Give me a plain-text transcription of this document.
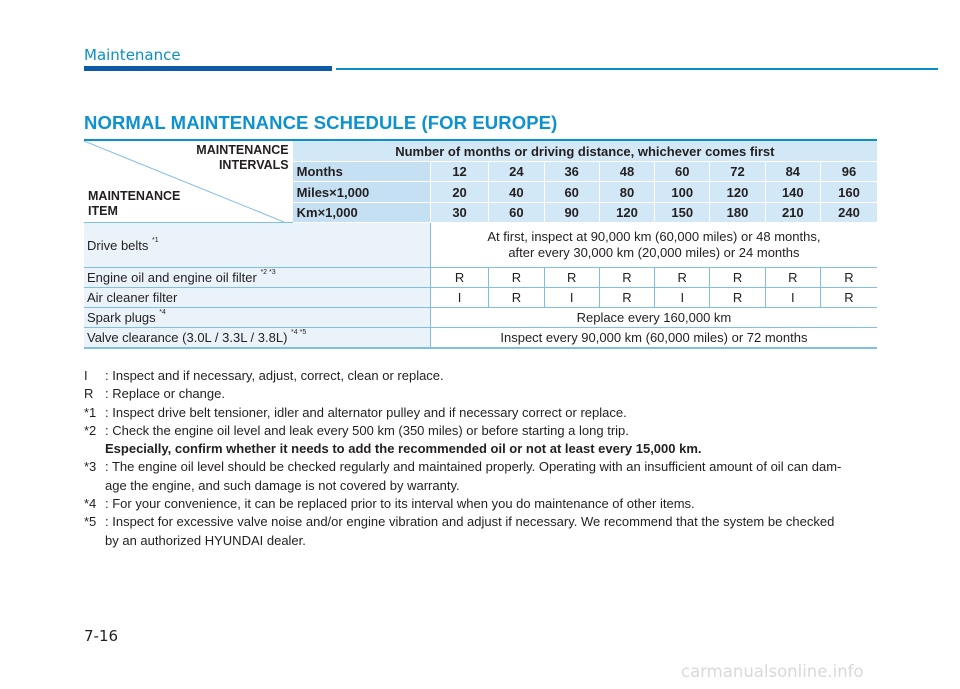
Maintenance
NORMAL MAINTENANCE SCHEDULE (FOR EUROPE)
MAINTENANCE
INTERVALS
MAINTENANCE
ITEM	Number of months or driving distance, whichever comes first								
	Months	12	24	36	48	60	72	84	96
	Miles×1,000	20	40	60	80	100	120	140	160
	Km×1,000	30	60	90	120	150	180	210	240
Drive belts $^{*1}$		At first, inspect at 90,000 km (60,000 miles) or 48 months,
after every 30,000 km (20,000 miles) or 24 months							

Engine oil and engine oil filter $^{*2 *3}$		R	R	R	R	R	R	R	R
Air cleaner filter		I	R	I	R	I	R	I	R
Spark plugs $^{*4}$		Replace every 160,000 km							
Valve clearance (3.0L / 3.3L / 3.8L) $^{*4 *5}$		Inspect every 90,000 km (60,000 miles) or 72 months							
I	: Inspect and if necessary, adjust, correct, clean or replace.
R : Replace or change.
*1 : Inspect drive belt tensioner, idler and alternator pulley and if necessary correct or replace.
*2 : Check the engine oil level and leak every 500 km (350 miles) or before starting a long trip.
Especially, confirm whether it needs to add the recommended oil or not at least every 15,000 km.
*3 : The engine oil level should be checked regularly and maintained properly. Operating with an insufficient amount of oil can dam-
age the engine, and such damage is not covered by warranty.
*4 : For your convenience, it can be replaced prior to its interval when you do maintenance of other items.
*5 : Inspect for excessive valve noise and/or engine vibration and adjust if necessary. We recommend that the system be checked
by an authorized HYUNDAI dealer.
7-16
carmanualsonline.info
